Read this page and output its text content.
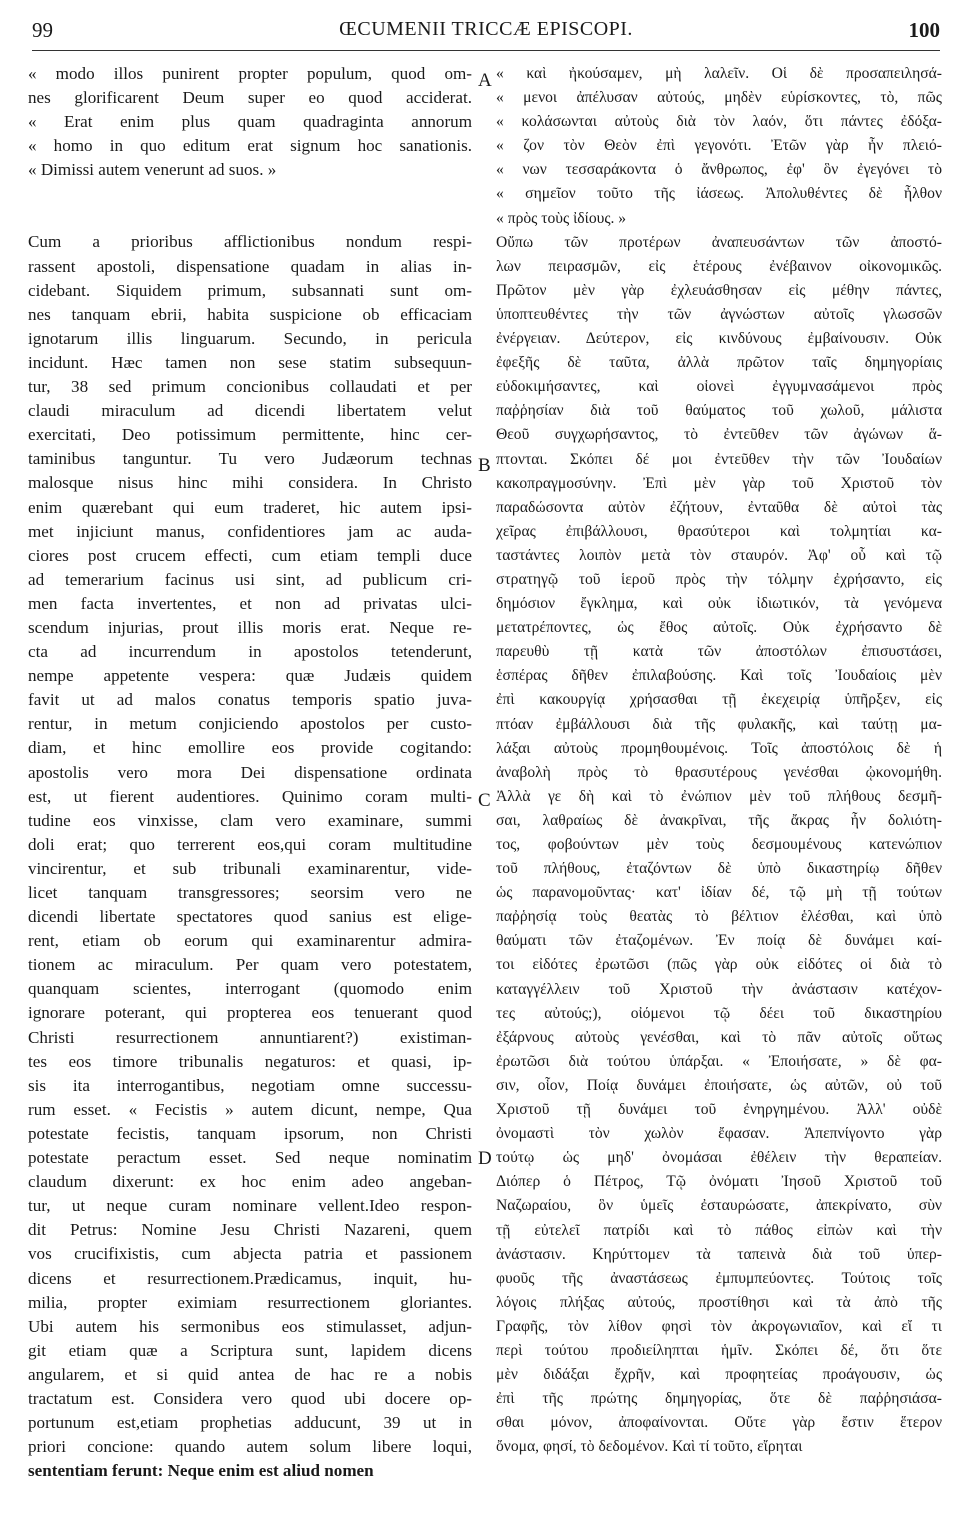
99	ŒCUMENII TRICCÆ EPISCOPI.	100
A
B
C
D
« modo illos punirent propter populum, quod om-
nes glorificarent Deum super eo quod acciderat.
« Erat enim plus quam quadraginta annorum
« homo in quo editum erat signum hoc sanationis.
« Dimissi autem venerunt ad suos. »
Cum a prioribus afflictionibus nondum respi-
rassent apostoli, dispensatione quadam in alias in-
cidebant. Siquidem primum, subsannati sunt om-
nes tanquam ebrii, habita suspicione ob efficaciam
ignotarum illis linguarum. Secundo, in pericula
incidunt. Hæc tamen non sese statim subsequun-
tur, 38 sed primum concionibus collaudati et per
claudi miraculum ad dicendi libertatem velut
exercitati, Deo potissimum permittente, hinc cer-
taminibus tanguntur. Tu vero Judæorum technas
malosque nisus hinc mihi considera. In Christo
enim quærebant qui eum traderet, hic autem ipsi-
met injiciunt manus, confidentiores jam ac auda-
ciores post crucem effecti, cum etiam templi duce
ad temerarium facinus usi sint, ad publicum cri-
men facta invertentes, et non ad privatas ulci-
scendum injurias, prout illis moris erat. Neque re-
cta ad incurrendum in apostolos tetenderunt,
nempe appetente vespera: quæ Judæis quidem
favit ut ad malos conatus temporis spatio juva-
rentur, in metum conjiciendo apostolos per custo-
diam, et hinc emollire eos provide cogitando:
apostolis vero mora Dei dispensatione ordinata
est, ut fierent audentiores. Quinimo coram multi-
tudine eos vinxisse, clam vero examinare, summi
doli erat; quo terrerent eos,qui coram multitudine
vincirentur, et sub tribunali examinarentur, vide-
licet tanquam transgressores; seorsim vero ne
dicendi libertate spectatores quod sanius est elige-
rent, etiam ob eorum qui examinarentur admira-
tionem ac miraculum. Per quam vero potestatem,
quanquam scientes, interrogant (quomodo enim
ignorare poterant, qui propterea eos tenuerant quod
Christi resurrectionem annuntiarent?) existiman-
tes eos timore tribunalis negaturos: et quasi, ip-
sis ita interrogantibus, negotiam omne successu-
rum esset. « Fecistis » autem dicunt, nempe, Qua
potestate fecistis, tanquam ipsorum, non Christi
potestate peractum esset. Sed neque nominatim
claudum dixerunt: ex hoc enim adeo angeban-
tur, ut neque curam nominare vellent.Ideo respon-
dit Petrus: Nomine Jesu Christi Nazareni, quem
vos crucifixistis, cum abjecta patria et passionem
dicens et resurrectionem.Prædicamus, inquit, hu-
milia, propter eximiam resurrectionem gloriantes.
Ubi autem his sermonibus eos stimulasset, adjun-
git etiam quæ a Scriptura sunt, lapidem dicens
angularem, et si quid antea de hac re a nobis
tractatum est. Considera vero quod ubi docere op-
portunum est,etiam prophetias adducunt, 39 ut in
priori concione: quando autem solum libere loqui,
sententiam ferunt: Neque enim est aliud nomen
« καὶ ἠκούσαμεν, μὴ λαλεῖν. Οἱ δὲ προσαπειλησά-
« μενοι ἀπέλυσαν αὐτούς, μηδὲν εὑρίσκοντες, τὸ, πῶς
« κολάσωνται αὐτοὺς διὰ τὸν λαόν, ὅτι πάντες ἐδόξα-
« ζον τὸν Θεὸν ἐπὶ γεγονότι. Ἐτῶν γὰρ ἦν πλειό-
« νων τεσσαράκοντα ὁ ἄνθρωπος, ἐφ' ὃν ἐγεγόνει τὸ
« σημεῖον τοῦτο τῆς ἰάσεως. Ἀπολυθέντες δὲ ἦλθον
« πρὸς τοὺς ἰδίους. »
Οὔπω τῶν προτέρων ἀναπευσάντων τῶν ἀποστό-
λων πειρασμῶν, εἰς ἑτέρους ἐνέβαινον οἰκονομικῶς.
Πρῶτον μὲν γὰρ ἐχλευάσθησαν εἰς μέθην πάντες,
ὑποπτευθέντες τὴν τῶν ἀγνώστων αὐτοῖς γλωσσῶν
ἐνέργειαν. Δεύτερον, εἰς κινδύνους ἐμβαίνουσιν. Οὐκ
ἐφεξῆς δὲ ταῦτα, ἀλλὰ πρῶτον ταῖς δημηγορίαις
εὐδοκιμήσαντες, καὶ οἱονεὶ ἐγγυμνασάμενοι πρὸς
παῤῥησίαν διὰ τοῦ θαύματος τοῦ χωλοῦ, μάλιστα
Θεοῦ συγχωρήσαντος, τὸ ἐντεῦθεν τῶν ἀγώνων ἅ-
πτονται. Σκόπει δέ μοι ἐντεῦθεν τὴν τῶν Ἰουδαίων
κακοπραγμοσύνην. Ἐπὶ μὲν γὰρ τοῦ Χριστοῦ τὸν
παραδώσοντα αὐτὸν ἐζήτουν, ἐνταῦθα δὲ αὐτοὶ τὰς
χεῖρας ἐπιβάλλουσι, θρασύτεροι καὶ τολμητίαι κα-
ταστάντες λοιπὸν μετὰ τὸν σταυρόν. Ἀφ' οὗ καὶ τῷ
στρατηγῷ τοῦ ἱεροῦ πρὸς τὴν τόλμην ἐχρήσαντο, εἰς
δημόσιον ἔγκλημα, καὶ οὐκ ἰδιωτικόν, τὰ γενόμενα
μετατρέποντες, ὡς ἔθος αὐτοῖς. Οὐκ ἐχρήσαντο δὲ
παρευθὺ τῇ κατὰ τῶν ἀποστόλων ἐπισυστάσει,
ἑσπέρας δῆθεν ἐπιλαβούσης. Καὶ τοῖς Ἰουδαίοις μὲν
ἐπὶ κακουργίᾳ χρήσασθαι τῇ ἐκεχειρίᾳ ὑπῆρξεν, εἰς
πτόαν ἐμβάλλουσι διὰ τῆς φυλακῆς, καὶ ταύτῃ μα-
λάξαι αὐτοὺς προμηθουμένοις. Τοῖς ἀποστόλοις δὲ ἡ
ἀναβολὴ πρὸς τὸ θρασυτέρους γενέσθαι ᾠκονομήθη.
Ἀλλὰ γε δὴ καὶ τὸ ἐνώπιον μὲν τοῦ πλήθους δεσμῆ-
σαι, λαθραίως δὲ ἀνακρῖναι, τῆς ἄκρας ἦν δολιότη-
τος, φοβούντων μὲν τοὺς δεσμουμένους κατενώπιον
τοῦ πλήθους, ἐταζόντων δὲ ὑπὸ δικαστηρίῳ δῆθεν
ὡς παρανομοῦντας· κατ' ἰδίαν δέ, τῷ μὴ τῇ τούτων
παῤῥησίᾳ τοὺς θεατὰς τὸ βέλτιον ἑλέσθαι, καὶ ὑπὸ
θαύματι τῶν ἐταζομένων. Ἐν ποίᾳ δὲ δυνάμει καί-
τοι εἰδότες ἐρωτῶσι (πῶς γὰρ οὐκ εἰδότες οἱ διὰ τὸ
καταγγέλλειν τοῦ Χριστοῦ τὴν ἀνάστασιν κατέχον-
τες αὐτούς;), οἰόμενοι τῷ δέει τοῦ δικαστηρίου
ἐξάρνους αὐτοὺς γενέσθαι, καὶ τὸ πᾶν αὐτοῖς οὕτως
ἐρωτῶσι διὰ τούτου ὑπάρξαι. « Ἐποιήσατε, » δὲ φα-
σιν, οἷον, Ποίᾳ δυνάμει ἐποιήσατε, ὡς αὐτῶν, οὐ τοῦ
Χριστοῦ τῇ δυνάμει τοῦ ἐνηργημένου. Ἀλλ' οὐδὲ
ὀνομαστὶ τὸν χωλὸν ἔφασαν. Ἀπεπνίγοντο γὰρ
τούτῳ ὡς μηδ' ὀνομάσαι ἐθέλειν τὴν θεραπείαν.
Διόπερ ὁ Πέτρος, Τῷ ὀνόματι Ἰησοῦ Χριστοῦ τοῦ
Ναζωραίου, ὃν ὑμεῖς ἐσταυρώσατε, ἀπεκρίνατο, σὺν
τῇ εὐτελεῖ πατρίδι καὶ τὸ πάθος εἰπὼν καὶ τὴν
ἀνάστασιν. Κηρύττομεν τὰ ταπεινὰ διὰ τοῦ ὑπερ-
φυοῦς τῆς ἀναστάσεως ἐμπυμπεύοντες. Τούτοις τοῖς
λόγοις πλήξας αὐτούς, προστίθησι καὶ τὰ ἀπὸ τῆς
Γραφῆς, τὸν λίθον φησὶ τὸν ἀκρογωνιαῖον, καὶ εἴ τι
περὶ τούτου προδιείληπται ἡμῖν. Σκόπει δέ, ὅτι ὅτε
μὲν διδάξαι ἔχρῆν, καὶ προφητείας προάγουσιν, ὡς
ἐπὶ τῆς πρώτης δημηγορίας, ὅτε δὲ παῤῥησιάσα-
σθαι μόνον, ἀποφαίνονται. Οὔτε γὰρ ἔστιν ἕτερον
ὄνομα, φησί, τὸ δεδομένον. Καὶ τί τοῦτο, εἴρηται
